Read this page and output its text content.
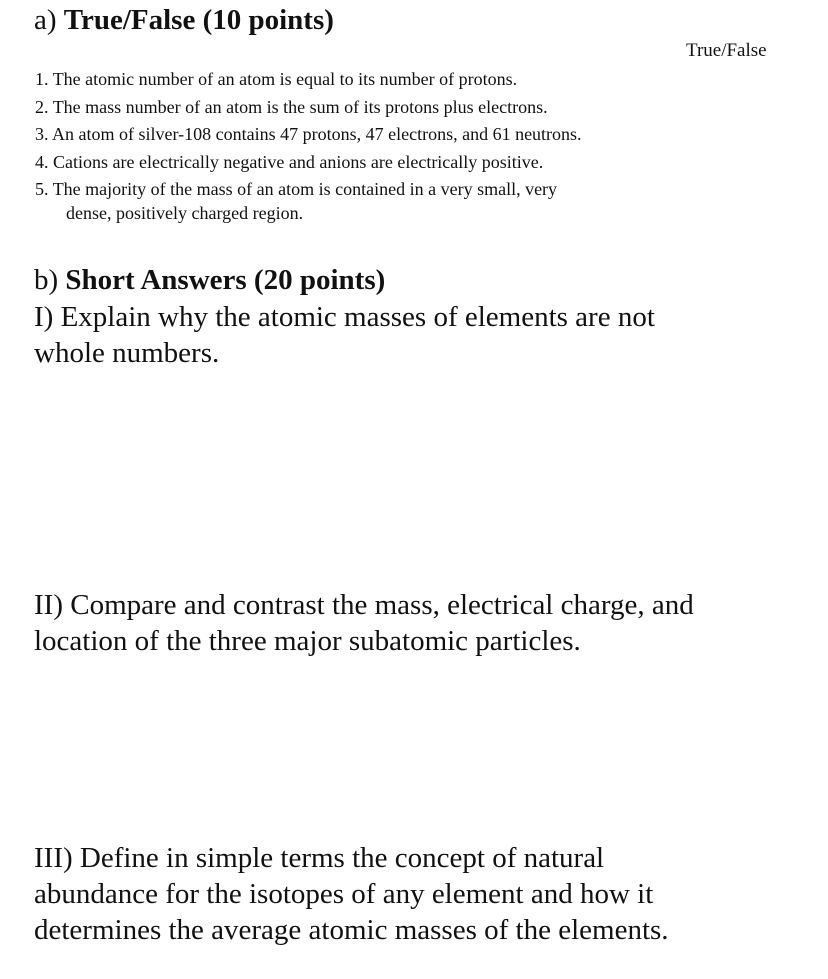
a) True/False (10 points)
True/False
1. The atomic number of an atom is equal to its number of protons.
2. The mass number of an atom is the sum of its protons plus electrons.
3. An atom of silver-108 contains 47 protons, 47 electrons, and 61 neutrons.
4. Cations are electrically negative and anions are electrically positive.
5. The majority of the mass of an atom is contained in a very small, very
dense, positively charged region.
b) Short Answers (20 points)
I) Explain why the atomic masses of elements are not
whole numbers.
II) Compare and contrast the mass, electrical charge, and
location of the three major subatomic particles.
III) Define in simple terms the concept of natural
abundance for the isotopes of any element and how it
determines the average atomic masses of the elements.
